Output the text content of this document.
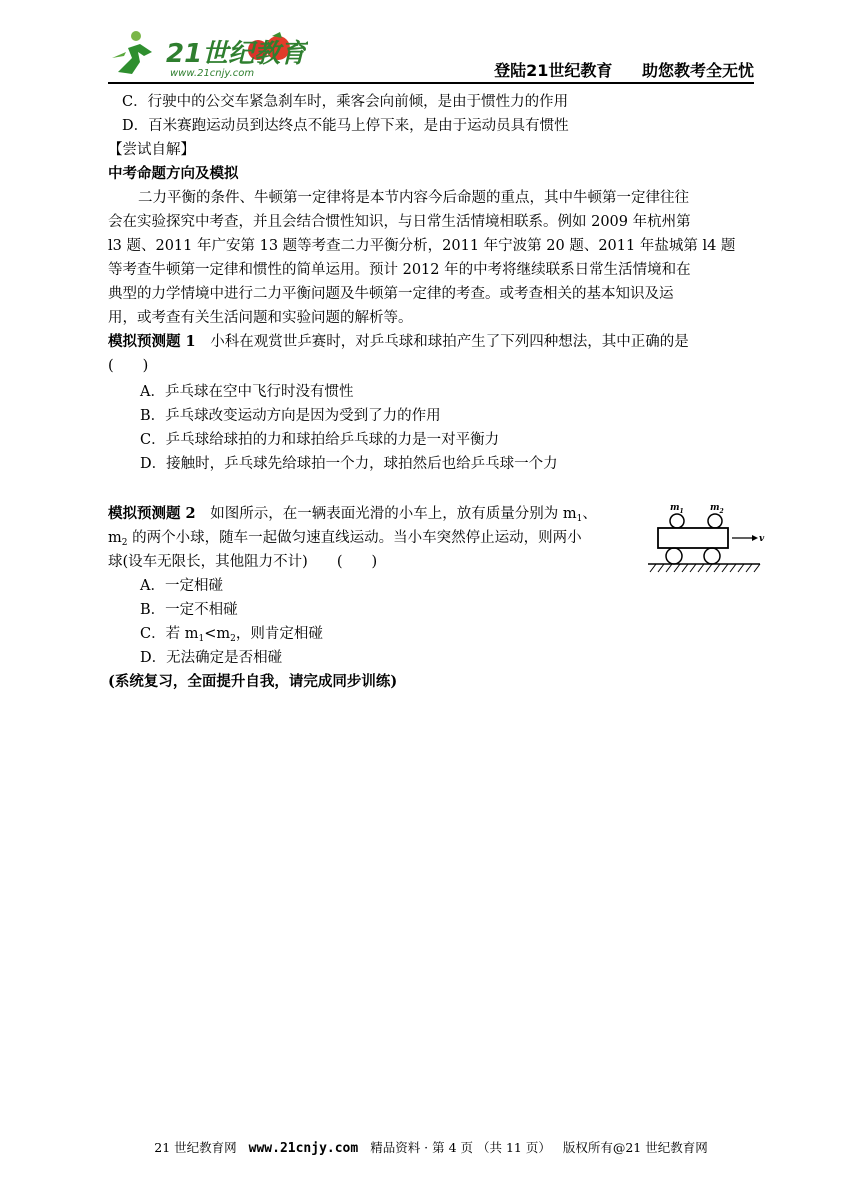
21世纪教育
www.21cnjy.com	登陆21世纪教育 助您教考全无忧
C．行驶中的公交车紧急刹车时，乘客会向前倾，是由于惯性力的作用
D．百米赛跑运动员到达终点不能马上停下来，是由于运动员具有惯性
【尝试自解】
中考命题方向及模拟
二力平衡的条件、牛顿第一定律将是本节内容今后命题的重点，其中牛顿第一定律往往
会在实验探究中考查，并且会结合惯性知识，与日常生活情境相联系。例如 2009 年杭州第
l3 题、2011 年广安第 13 题等考查二力平衡分析，2011 年宁波第 20 题、2011 年盐城第 l4 题
等考查牛顿第一定律和惯性的简单运用。预计 2012 年的中考将继续联系日常生活情境和在
典型的力学情境中进行二力平衡问题及牛顿第一定律的考查。或考查相关的基本知识及运
用，或考查有关生活问题和实验问题的解析等。
模拟预测题 1 小科在观赏世乒赛时，对乒乓球和球拍产生了下列四种想法，其中正确的是
(　　)
A．乒乓球在空中飞行时没有惯性
B．乒乓球改变运动方向是因为受到了力的作用
C．乒乓球给球拍的力和球拍给乒乓球的力是一对平衡力
D．接触时，乒乓球先给球拍一个力，球拍然后也给乒乓球一个力
模拟预测题 2 如图所示，在一辆表面光滑的小车上，放有质量分别为 $m_1$、
$m_2$ 的两个小球，随车一起做匀速直线运动。当小车突然停止运动，则两小
球(设车无限长，其他阻力不计)　　(　　)
A．一定相碰
B．一定不相碰
C．若 $m_1<m_2$，则肯定相碰
D．无法确定是否相碰
$m_1$	$m_2$
v
(系统复习，全面提升自我，请完成同步训练)
21 世纪教育网 www.21cnjy.com 精品资料 · 第 4 页 （共 11 页） 版权所有@21 世纪教育网
